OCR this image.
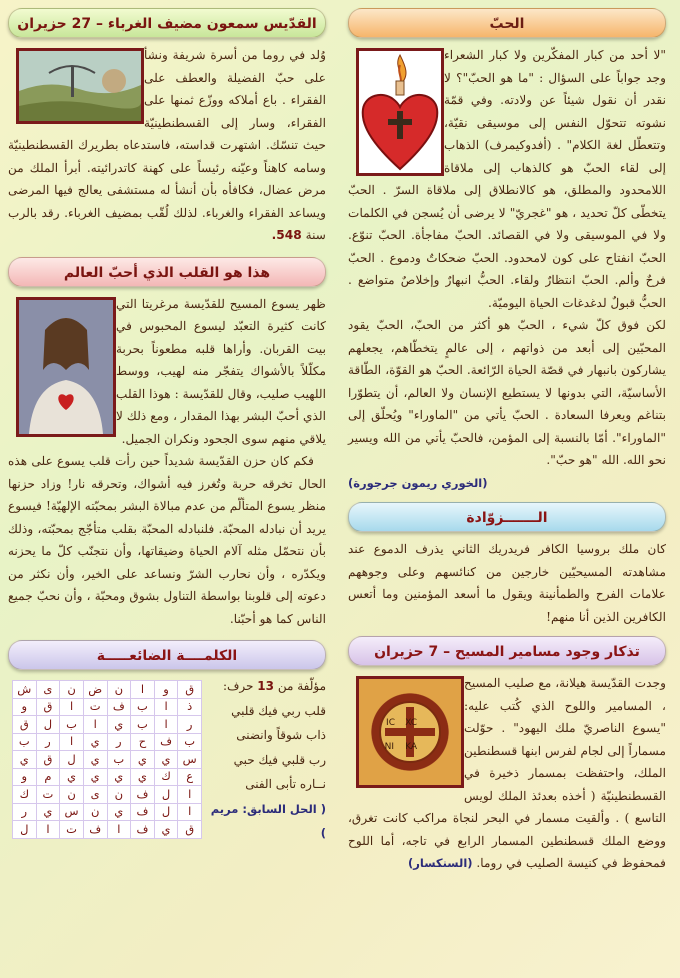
الحبّ

"لا أحد من كبار المفكّرين ولا كبار الشعراء وجد جواباً على السؤال : "ما هو الحبّ"؟ لا نقدر أن نقول شيئاً عن ولادته. وفي قمّة نشوته تتحوّل النفس إلى موسيقى نقيّة، وتتعطّل لغة الكلام" . (أفدوكيمرف) الذهاب إلى لقاء الحبّ هو كالذهاب إلى ملاقاة اللامحدود والمطلق، هو كالانطلاق إلى ملاقاة السرّ . الحبّ يتخطّى كلّ تحديد ، هو "غجريّ" لا يرضى أن يُسجن في الكلمات ولا في الموسيقى ولا في القصائد. الحبّ مفاجأة. الحبّ تنوّع. الحبّ انفتاح على كون لامحدود. الحبّ ضحكاتٌ ودموع . الحبّ فرحٌ وألم. الحبّ انتظارٌ ولقاء. الحبُّ انبهارٌ وإخلاصٌ متواضع . الحبُّ قبولٌ لدغدغات الحياة اليوميّة.

لكن فوق كلّ شيء ، الحبّ هو أكثر من الحبّ، الحبّ يقود المحبّين إلى أبعد من ذواتهم ، إلى عالمٍ يتخطّاهم، يجعلهم يشاركون بانبهار في قصّة الحياة الرّائعة. الحبّ هو القوّة، الطّاقة الأساسيّة، التي بدونها لا يستطيع الإنسان ولا العالم، أن يتطوّرا بتناغم ويعرفا السعادة . الحبّ يأتي من "الماوراء" ويُحلّق إلى "الماوراء". أمّا بالنسبة إلى المؤمن، فالحبّ يأتي من الله ويسير نحو الله. الله "هو حبّ".

(الخوري ريمون جرجورة)

الـــــــزوّادة
كان ملك بروسيا الكافر فريدريك الثاني يذرف الدموع عند مشاهدته المسيحيّين خارجين من كنائسهم وعلى وجوههم علامات الفرح والطمأنينة ويقول ما أسعد المؤمنين وما أتعس الكافرين الذين أنا منهم!
تذكار وجود مسامير المسيح – 7 حزيران
IC XC
NI KA
وجدت القدّيسة هيلانة، مع صليب المسيح ، المسامير واللوح الذي كُتب عليه: "يسوع الناصريّ ملك اليهود" . حوّلت مسماراً إلى لجام لفرس ابنها قسطنطين الملك، واحتفظت بمسمار ذخيرة في القسطنطينيّة ( أخذه بعدئذ الملك لويس التاسع ) . وألقيت مسمار في البحر لنجاة مراكب كانت تغرق، ووضع الملك قسطنطين المسمار الرابع في تاجه، أما اللوح فمحفوظ في كنيسة الصليب في روما. (السنكسار)
القدّيس سمعون مضيف الغرباء – 27 حزيران
وُلد في روما من أسرة شريفة ونشأ على حبّ الفضيلة والعطف على الفقراء . باع أملاكه ووزّع ثمنها على الفقراء، وسار إلى القسطنطينيّة حيث تنسّك. اشتهرت قداسته، فاستدعاه بطريرك القسطنطينيّة وسامه كاهناً وعيّنه رئيساً على كهنة كاتدرائيته. أبرأ الملك من مرض عضال، فكافأه بأن أنشأ له مستشفى يعالج فيها المرضى ويساعد الفقراء والغرباء. لذلك لُقّب بمضيف الغرباء. رقد بالرب سنة 548.
هذا هو القلب الذي أحبّ العالم

ظهر يسوع المسيح للقدّيسة مرغريتا التي كانت كثيرة التعبّد ليسوع المحبوس في بيت القربان. وأراها قلبه مطعوناً بحربة مكلّلاً بالأشواك يتفجّر منه لهيب، ووسط اللهيب صليب، وقال للقدّيسة : هوذا القلب الذي أحبّ البشر بهذا المقدار ، ومع ذلك لا يلاقي منهم سوى الجحود ونكران الجميل.

فكم كان حزن القدّيسة شديداً حين رأت قلب يسوع على هذه الحال تخرقه حربة وتُغرز فيه أشواك، وتحرقه نار! وزاد حزنها منظر يسوع المتألّم من عدم مبالاة البشر بمحبّته الإلهيّة! فيسوع يريد أن نبادله المحبّة. فلنبادله المحبّة بقلب متأجّج بمحبّته، وذلك بأن نتحمّل مثله آلام الحياة وضيقاتها، وأن نتجنّب كلّ ما يحزنه ويكدّره ، وأن نحارب الشرّ ونساعد على الخير، وأن نكثر من دعوته إلى قلوبنا بواسطة التناول بشوق ومحبّة ، وأن نحبّ جميع الناس كما هو أحبّنا.

الكلمــــة الضائعـــــة
ق	و	ا	ن	ض	ن	ى	ش
ذ	ا	ب	ف	ت	ا	ق	و
ر	ا	ب	ي	ا	ب	ل	ق
ب	ف	ح	ر	ي	ا	ر	ب
س	ي	ي	ب	ي	ل	ق	ي
ع	ك	ي	ي	ي	ي	م	و
ا	ل	ف	ن	ى	ن	ت	ك
ا	ل	ف	ي	ن	س	ي	ر
ق	ي	ف	ا	ف	ت	ا	ل
مؤلّفة من 13 حرف:
قلب ربي فيك قلبي
ذاب شوقاً وانضنى
رب قلبي فيك حبي
نــاره تأبى الفنى
( الحل السابق: مريم )
